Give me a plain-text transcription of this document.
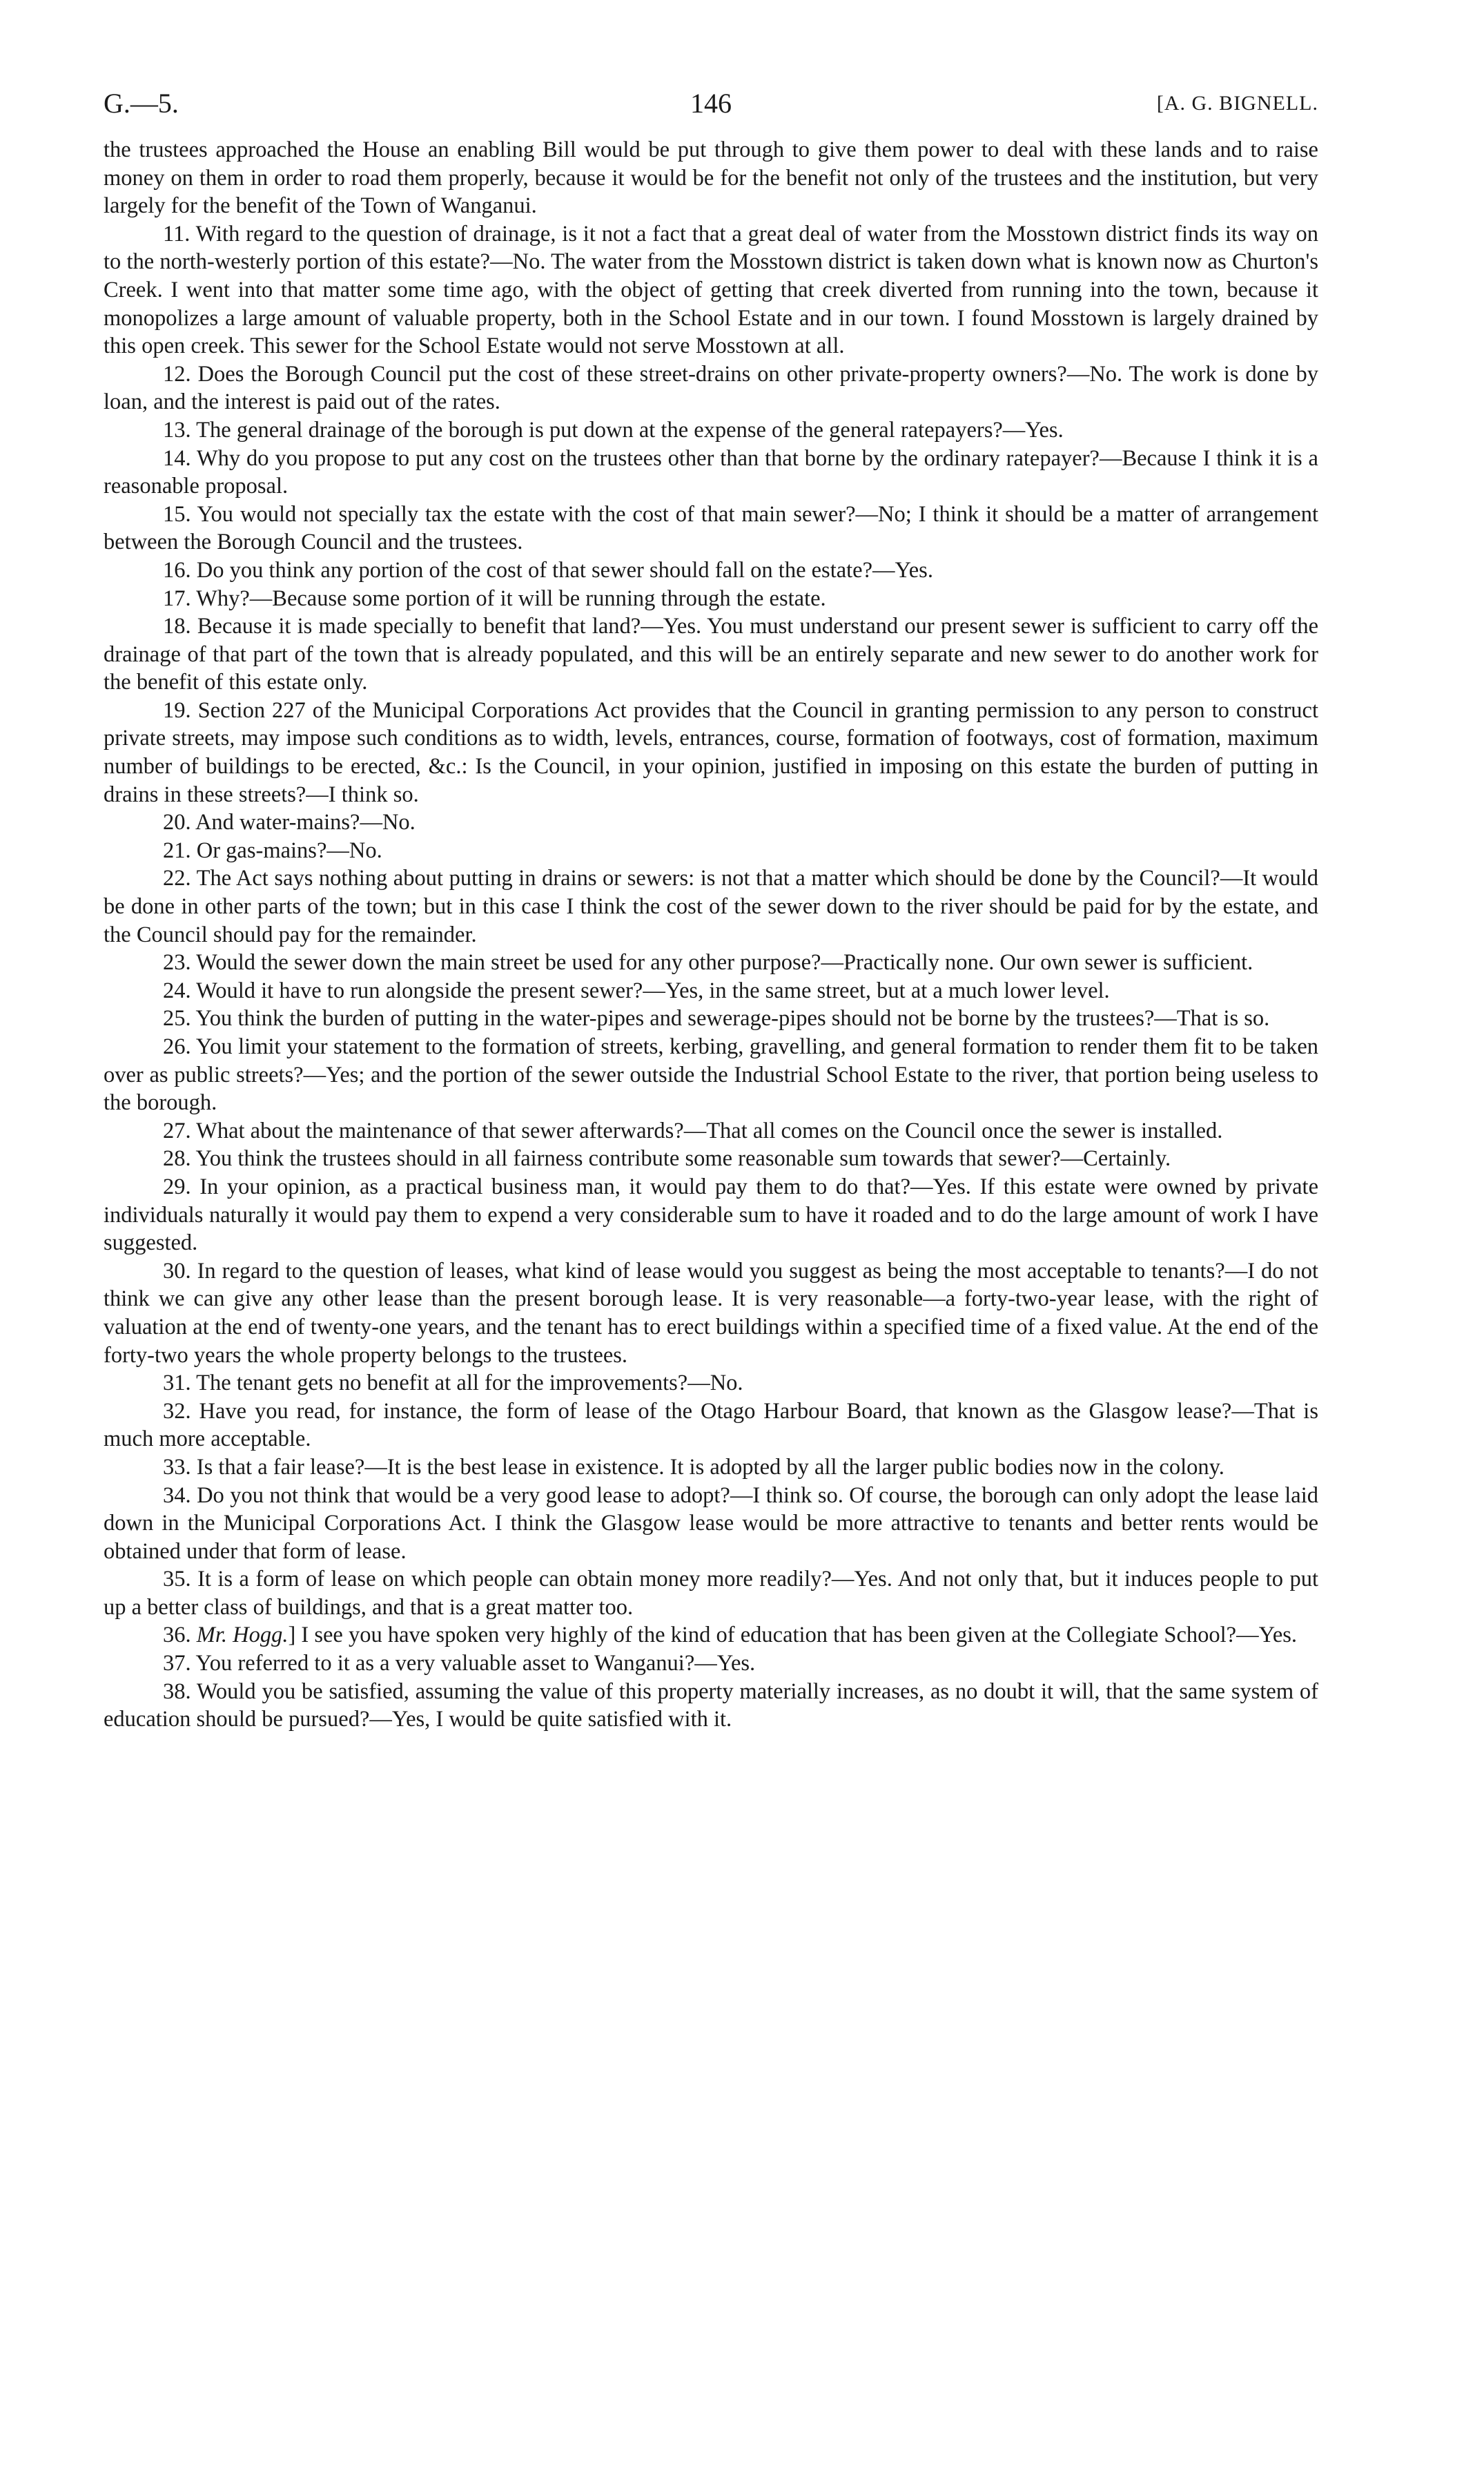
G.—5.	146	[A. G. BIGNELL.

the trustees approached the House an enabling Bill would be put through to give them power to deal with these lands and to raise money on them in order to road them properly, because it would be for the benefit not only of the trustees and the institution, but very largely for the benefit of the Town of Wanganui.

11. With regard to the question of drainage, is it not a fact that a great deal of water from the Mosstown district finds its way on to the north-westerly portion of this estate?—No. The water from the Mosstown district is taken down what is known now as Churton's Creek. I went into that matter some time ago, with the object of getting that creek diverted from running into the town, because it monopolizes a large amount of valuable property, both in the School Estate and in our town. I found Mosstown is largely drained by this open creek. This sewer for the School Estate would not serve Mosstown at all.

12. Does the Borough Council put the cost of these street-drains on other private-property owners?—No. The work is done by loan, and the interest is paid out of the rates.

13. The general drainage of the borough is put down at the expense of the general ratepayers?—Yes.

14. Why do you propose to put any cost on the trustees other than that borne by the ordinary ratepayer?—Because I think it is a reasonable proposal.

15. You would not specially tax the estate with the cost of that main sewer?—No; I think it should be a matter of arrangement between the Borough Council and the trustees.

16. Do you think any portion of the cost of that sewer should fall on the estate?—Yes.

17. Why?—Because some portion of it will be running through the estate.

18. Because it is made specially to benefit that land?—Yes. You must understand our present sewer is sufficient to carry off the drainage of that part of the town that is already populated, and this will be an entirely separate and new sewer to do another work for the benefit of this estate only.

19. Section 227 of the Municipal Corporations Act provides that the Council in granting permission to any person to construct private streets, may impose such conditions as to width, levels, entrances, course, formation of footways, cost of formation, maximum number of buildings to be erected, &c.: Is the Council, in your opinion, justified in imposing on this estate the burden of putting in drains in these streets?—I think so.

20. And water-mains?—No.

21. Or gas-mains?—No.

22. The Act says nothing about putting in drains or sewers: is not that a matter which should be done by the Council?—It would be done in other parts of the town; but in this case I think the cost of the sewer down to the river should be paid for by the estate, and the Council should pay for the remainder.

23. Would the sewer down the main street be used for any other purpose?—Practically none. Our own sewer is sufficient.

24. Would it have to run alongside the present sewer?—Yes, in the same street, but at a much lower level.

25. You think the burden of putting in the water-pipes and sewerage-pipes should not be borne by the trustees?—That is so.

26. You limit your statement to the formation of streets, kerbing, gravelling, and general formation to render them fit to be taken over as public streets?—Yes; and the portion of the sewer outside the Industrial School Estate to the river, that portion being useless to the borough.

27. What about the maintenance of that sewer afterwards?—That all comes on the Council once the sewer is installed.

28. You think the trustees should in all fairness contribute some reasonable sum towards that sewer?—Certainly.

29. In your opinion, as a practical business man, it would pay them to do that?—Yes. If this estate were owned by private individuals naturally it would pay them to expend a very considerable sum to have it roaded and to do the large amount of work I have suggested.

30. In regard to the question of leases, what kind of lease would you suggest as being the most acceptable to tenants?—I do not think we can give any other lease than the present borough lease. It is very reasonable—a forty-two-year lease, with the right of valuation at the end of twenty-one years, and the tenant has to erect buildings within a specified time of a fixed value. At the end of the forty-two years the whole property belongs to the trustees.

31. The tenant gets no benefit at all for the improvements?—No.

32. Have you read, for instance, the form of lease of the Otago Harbour Board, that known as the Glasgow lease?—That is much more acceptable.

33. Is that a fair lease?—It is the best lease in existence. It is adopted by all the larger public bodies now in the colony.

34. Do you not think that would be a very good lease to adopt?—I think so. Of course, the borough can only adopt the lease laid down in the Municipal Corporations Act. I think the Glasgow lease would be more attractive to tenants and better rents would be obtained under that form of lease.

35. It is a form of lease on which people can obtain money more readily?—Yes. And not only that, but it induces people to put up a better class of buildings, and that is a great matter too.

36. Mr. Hogg.] I see you have spoken very highly of the kind of education that has been given at the Collegiate School?—Yes.

37. You referred to it as a very valuable asset to Wanganui?—Yes.

38. Would you be satisfied, assuming the value of this property materially increases, as no doubt it will, that the same system of education should be pursued?—Yes, I would be quite satisfied with it.
